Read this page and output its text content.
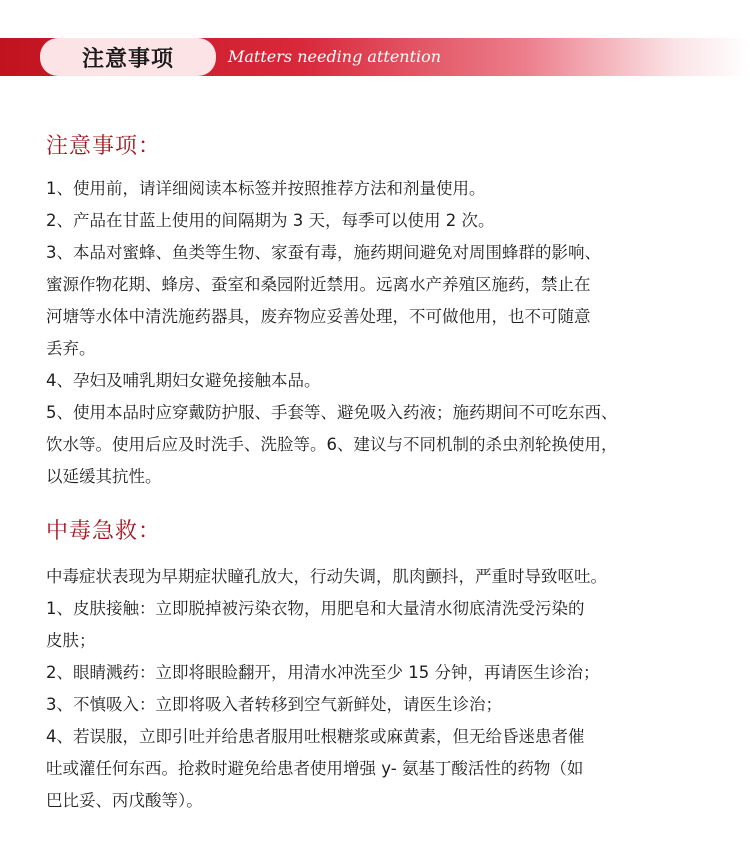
注意事项	Matters needing attention
注意事项：
1、使用前，请详细阅读本标签并按照推荐方法和剂量使用。
2、产品在甘蓝上使用的间隔期为 3 天，每季可以使用 2 次。
3、本品对蜜蜂、鱼类等生物、家蚕有毒，施药期间避免对周围蜂群的影响、
蜜源作物花期、蜂房、蚕室和桑园附近禁用。远离水产养殖区施药，禁止在
河塘等水体中清洗施药器具，废弃物应妥善处理，不可做他用，也不可随意
丢弃。
4、孕妇及哺乳期妇女避免接触本品。
5、使用本品时应穿戴防护服、手套等、避免吸入药液；施药期间不可吃东西、
饮水等。使用后应及时洗手、洗脸等。6、建议与不同机制的杀虫剂轮换使用，
以延缓其抗性。
中毒急救：
中毒症状表现为早期症状瞳孔放大，行动失调，肌肉颤抖，严重时导致呕吐。
1、皮肤接触：立即脱掉被污染衣物，用肥皂和大量清水彻底清洗受污染的
皮肤；
2、眼睛溅药：立即将眼睑翻开，用清水冲洗至少 15 分钟，再请医生诊治；
3、不慎吸入：立即将吸入者转移到空气新鲜处，请医生诊治；
4、若误服，立即引吐并给患者服用吐根糖浆或麻黄素，但无给昏迷患者催
吐或灌任何东西。抢救时避免给患者使用增强 y- 氨基丁酸活性的药物（如
巴比妥、丙戊酸等）。
